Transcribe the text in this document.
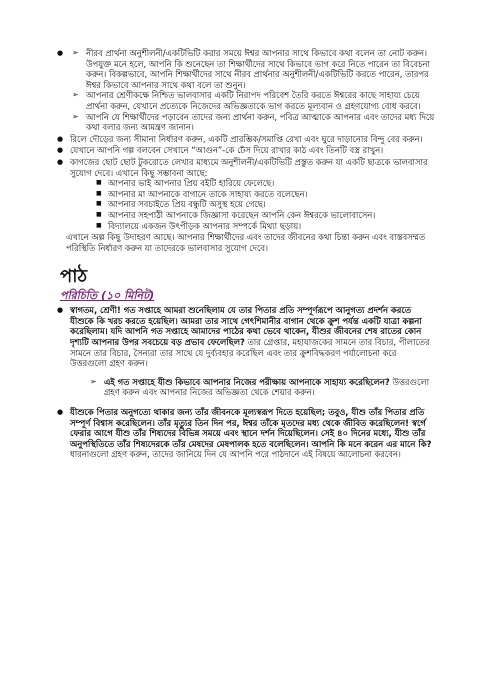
➢ ● নীরব প্রার্থনা অনুশীলনী/একটিভিটি করার সময়ে ঈশ্বর আপনার সাথে কিভাবে কথা বলেন তা নোট করুন। উপযুক্ত মনে হলে, আপনি কি শুনেছেন তা শিক্ষার্থীদের সাথে কিভাবে ভাগ করে নিতে পারেন তা বিবেচনা করুন। বিকল্পভাবে, আপনি শিক্ষার্থীদের সাথে নীরব প্রার্থনার অনুশীলনী/একটিভিটি করতে পারেন, তারপর ঈশ্বর কিভাবে আপনার সাথে কথা বলে তা শুনুন।
➢ আপনার শ্রেণীকক্ষে নিশ্চিত ভালবাসার একটি নিরাপদ পরিবেশ তৈরি করতে ঈশ্বরের কাছে সাহায্য চেয়ে প্রার্থনা করুন, যেখানে প্রত্যেকে নিজেদের অভিজ্ঞতাকে ভাগ করতে মূল্যবান ও গ্রহণযোগ্য বোধ করবে।
➢ আপনি যে শিক্ষার্থীদের পড়াবেন তাদের জন্য প্রার্থনা করুন, পবিত্র আত্মাকে আপনার এবং তাদের মধ্য দিয়ে কথা বলার জন্য আমন্ত্রণ জানান।
● রিলে দৌড়ের জন্য সীমানা নির্ধারণ করুন, একটি প্রারম্ভিক/সমাপ্তি রেখা এবং ঘুরে দাড়ানোর বিন্দু বের করুন।
● যেখানে আপনি গল্প বলবেন সেখানে “আগুন”-কে ঢেঁস দিয়ে রাখার কাঠ এবং তিনটি বস্ত্র রাখুন।
● কাগজের ছোট ছোট টুকরোতে লেখার মাধ্যমে অনুশীলনী/একটিভিটি প্রস্তুত করুন যা একটি ছাত্রকে ভালবাসার সুযোগ দেবে। এখানে কিছু সম্ভাবনা আছে:
■ আপনার ভাই আপনার প্রিয় বইটি হারিয়ে ফেলেছে।
■ আপনার মা আপনাকে বাগানে তাকে সাহায্য করতে বলেছেন।
■ আপনার সবচাইতে প্রিয় বন্ধুটি অসুস্থ হয়ে গেছে।
■ আপনার সহপাঠী আপনাকে জিজ্ঞাসা করেছেন আপনি কেন ঈশ্বরকে ভালোবাসেন।
■ বিদ্যালয়ে একজন উৎপীড়ক আপনার সম্পর্কে মিথ্যা ছড়ায়।
এখানে অল্প কিছু উদাহরণ আছে। আপনার শিক্ষার্থীদের এবং তাদের জীবনের কথা চিন্তা করুন এবং বাস্তবসম্মত পরিস্থিতি নির্ধারণ করুন যা তাদেরকে ভালবাসার সুযোগ দেবে।
পাঠ
পরিচিতি (১০ মিনিট)
● স্বাগতম, শ্রেণী! গত সপ্তাহে আমরা শুনেছিলাম যে তার পিতার প্রতি সম্পূর্ণরূপে আনুগত্য প্রদর্শন করতে যীশুকে কি খরচ করতে হয়েছিল। আমরা তার সাথে গেৎশিমানীর বাগান থেকে ক্রুশ পর্যন্ত একটি যাত্রা কল্পনা করেছিলাম। যদি আপনি গত সপ্তাহে আমাদের পাঠের কথা ভেবে থাকেন, যীশুর জীবনের শেষ রাতের কোন দৃশ্যটি আপনার উপর সবচেয়ে বড় প্রভাব ফেলেছিল? তার গ্রেপ্তার, মহাযাজকের সামনে তার বিচার, পীলাতের সামনে তার বিচার, সৈন্যরা তার সাথে যে দুর্ব্যবহার করেছিল এবং তার ক্রুশবিদ্ধকরণ পর্যালোচনা করে উত্তরগুলো গ্রহণ করুন।
➢ এই গত সপ্তাহে যীশু কিভাবে আপনার নিজের পরীক্ষায় আপনাকে সাহায্য করেছিলেন? উত্তরগুলো গ্রহণ করুন এবং আপনার নিজের অভিজ্ঞতা থেকে শেয়ার করুন।
● যীশুকে পিতার অনুগত্যে থাকার জন্য তাঁর জীবনকে মূল্যস্বরূপ দিতে হয়েছিল; তবুও, যীশু তাঁর পিতার প্রতি সম্পূর্ণ বিশ্বাস করেছিলেন। তাঁর মৃত্যুর তিন দিন পর, ঈশ্বর তাঁকে মৃতদের মধ্য থেকে জীবিত করেছিলেন! স্বর্গে ফেরার আগে যীশু তাঁর শিষ্যদের বিভিন্ন সময়ে এবং স্থানে দর্শন দিয়েছিলেন। সেই ৪০ দিনের মধ্যে, যীশু তাঁর অনুপস্থিতিতে তাঁর শিষ্যদেরকে তাঁর মেষদের মেষপালক হতে বলেছিলেন। আপনি কি মনে করেন এর মানে কি? ধারনাগুলো গ্রহণ করুন, তাদের জানিয়ে দিন যে আপনি পরে পাঠদানে এই বিষয়ে আলোচনা করবেন।
